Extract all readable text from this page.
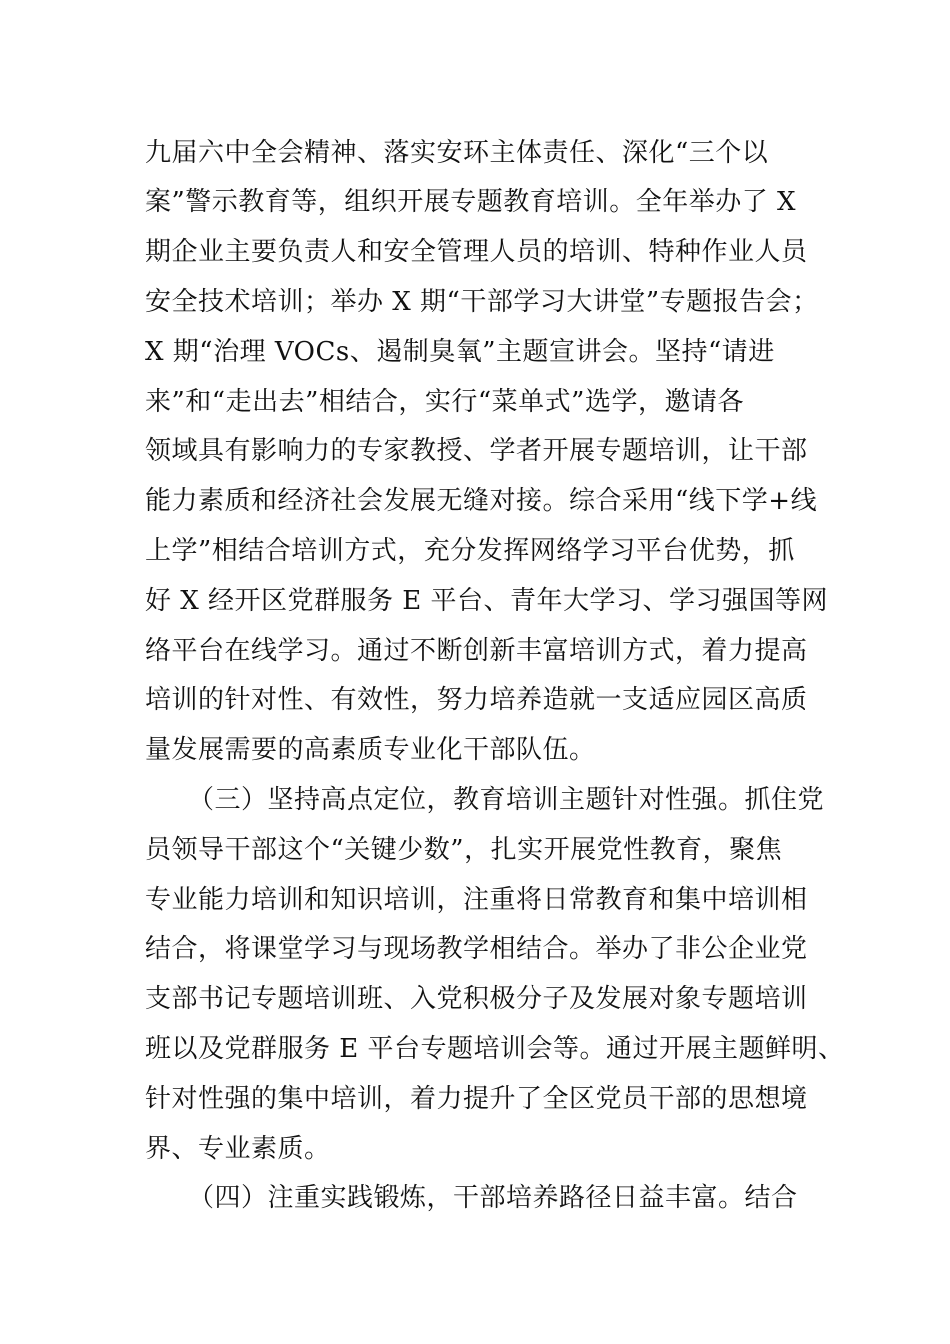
九届六中全会精神、落实安环主体责任、深化“三个以
案”警示教育等，组织开展专题教育培训。全年举办了 X
期企业主要负责人和安全管理人员的培训、特种作业人员
安全技术培训；举办 X 期“干部学习大讲堂”专题报告会；
X 期“治理 VOCs、遏制臭氧”主题宣讲会。坚持“请进
来”和“走出去”相结合，实行“菜单式”选学，邀请各
领域具有影响力的专家教授、学者开展专题培训，让干部
能力素质和经济社会发展无缝对接。综合采用“线下学+线
上学”相结合培训方式，充分发挥网络学习平台优势，抓
好 X 经开区党群服务 E 平台、青年大学习、学习强国等网
络平台在线学习。通过不断创新丰富培训方式，着力提高
培训的针对性、有效性，努力培养造就一支适应园区高质
量发展需要的高素质专业化干部队伍。
（三）坚持高点定位，教育培训主题针对性强。抓住党
员领导干部这个“关键少数”，扎实开展党性教育，聚焦
专业能力培训和知识培训，注重将日常教育和集中培训相
结合，将课堂学习与现场教学相结合。举办了非公企业党
支部书记专题培训班、入党积极分子及发展对象专题培训
班以及党群服务 E 平台专题培训会等。通过开展主题鲜明、
针对性强的集中培训，着力提升了全区党员干部的思想境
界、专业素质。
（四）注重实践锻炼，干部培养路径日益丰富。结合
